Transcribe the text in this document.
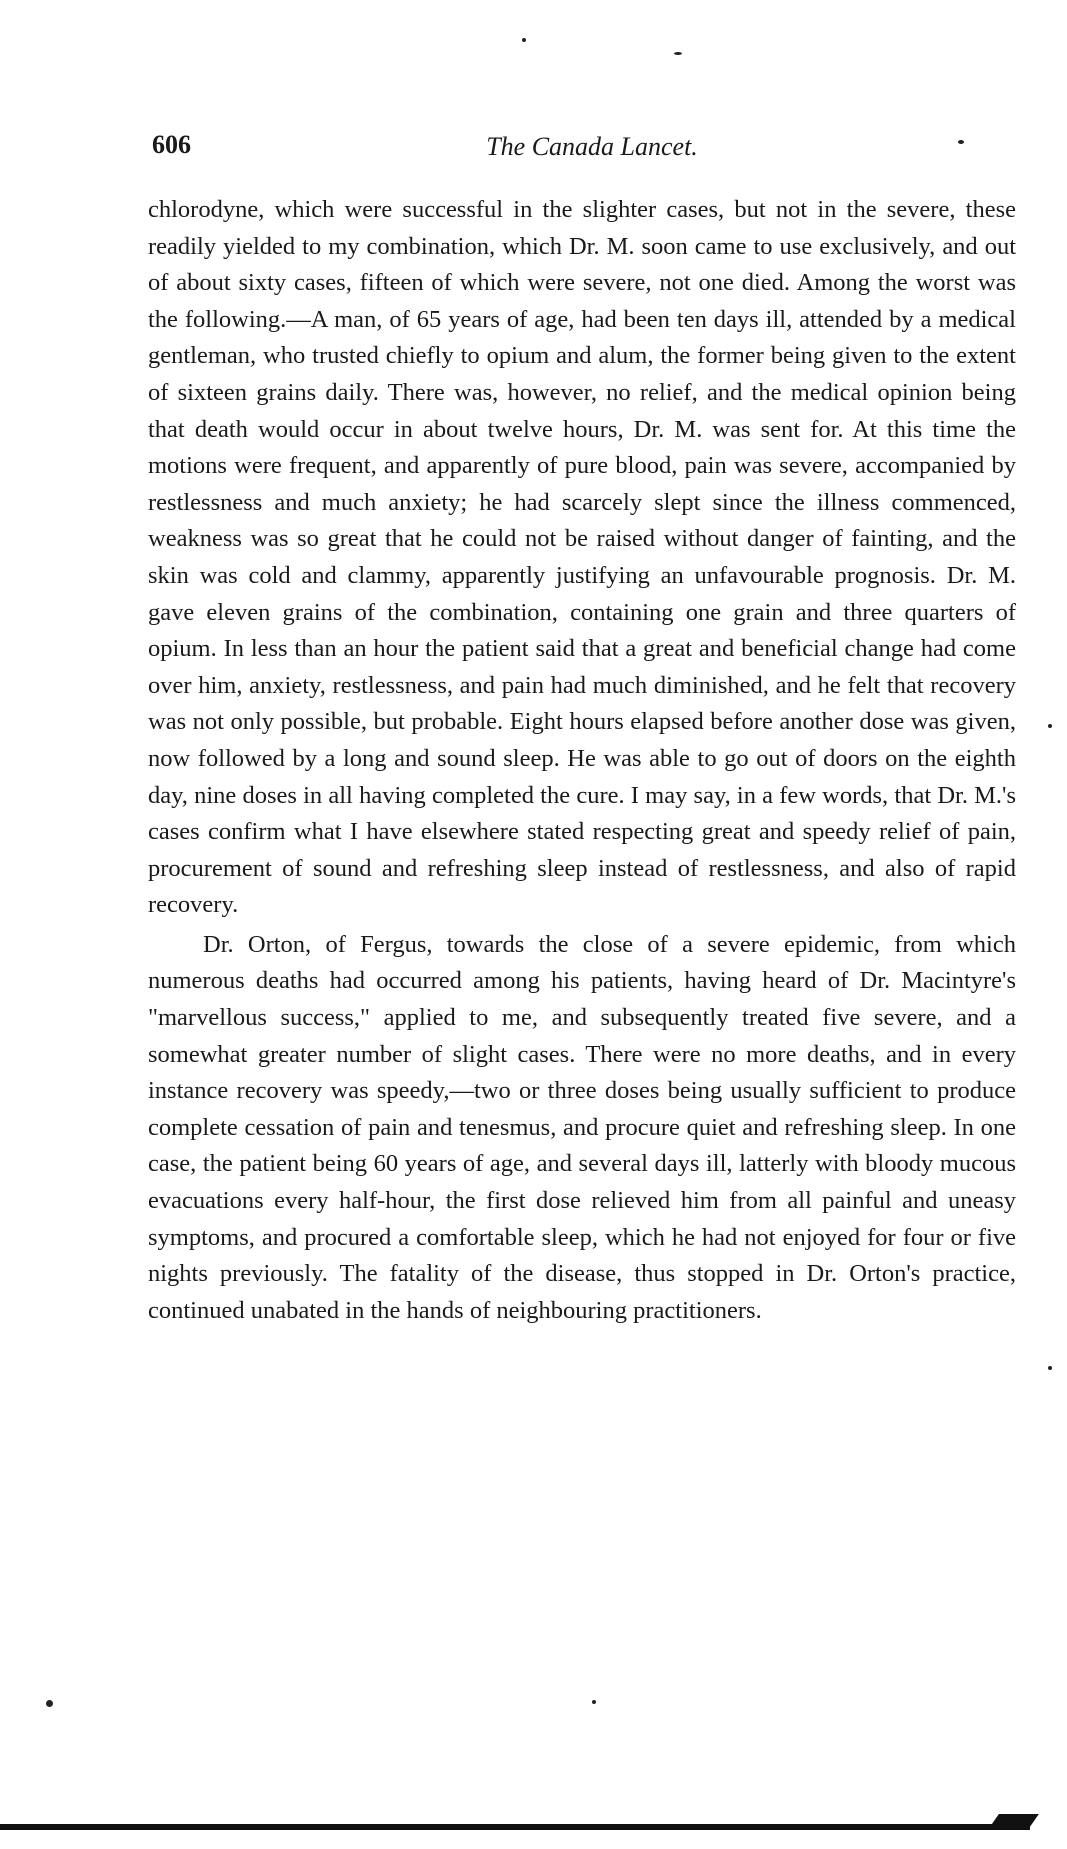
606	The Canada Lancet.

chlorodyne, which were successful in the slighter cases, but not in the severe, these readily yielded to my combination, which Dr. M. soon came to use exclusively, and out of about sixty cases, fifteen of which were severe, not one died. Among the worst was the following.—A man, of 65 years of age, had been ten days ill, attended by a medical gentleman, who trusted chiefly to opium and alum, the former being given to the extent of sixteen grains daily. There was, however, no relief, and the medical opinion being that death would occur in about twelve hours, Dr. M. was sent for. At this time the motions were frequent, and apparently of pure blood, pain was severe, accompanied by restlessness and much anxiety; he had scarcely slept since the illness commenced, weakness was so great that he could not be raised without danger of fainting, and the skin was cold and clammy, apparently justifying an unfavourable prognosis. Dr. M. gave eleven grains of the combination, containing one grain and three quarters of opium. In less than an hour the patient said that a great and beneficial change had come over him, anxiety, restlessness, and pain had much diminished, and he felt that recovery was not only possible, but probable. Eight hours elapsed before another dose was given, now followed by a long and sound sleep. He was able to go out of doors on the eighth day, nine doses in all having completed the cure. I may say, in a few words, that Dr. M.'s cases confirm what I have elsewhere stated respecting great and speedy relief of pain, procurement of sound and refreshing sleep instead of restlessness, and also of rapid recovery.

Dr. Orton, of Fergus, towards the close of a severe epidemic, from which numerous deaths had occurred among his patients, having heard of Dr. Macintyre's "marvellous success," applied to me, and subsequently treated five severe, and a somewhat greater number of slight cases. There were no more deaths, and in every instance recovery was speedy,—two or three doses being usually sufficient to produce complete cessation of pain and tenesmus, and procure quiet and refreshing sleep. In one case, the patient being 60 years of age, and several days ill, latterly with bloody mucous evacuations every half-hour, the first dose relieved him from all painful and uneasy symptoms, and procured a comfortable sleep, which he had not enjoyed for four or five nights previously. The fatality of the disease, thus stopped in Dr. Orton's practice, continued unabated in the hands of neighbouring practitioners.
